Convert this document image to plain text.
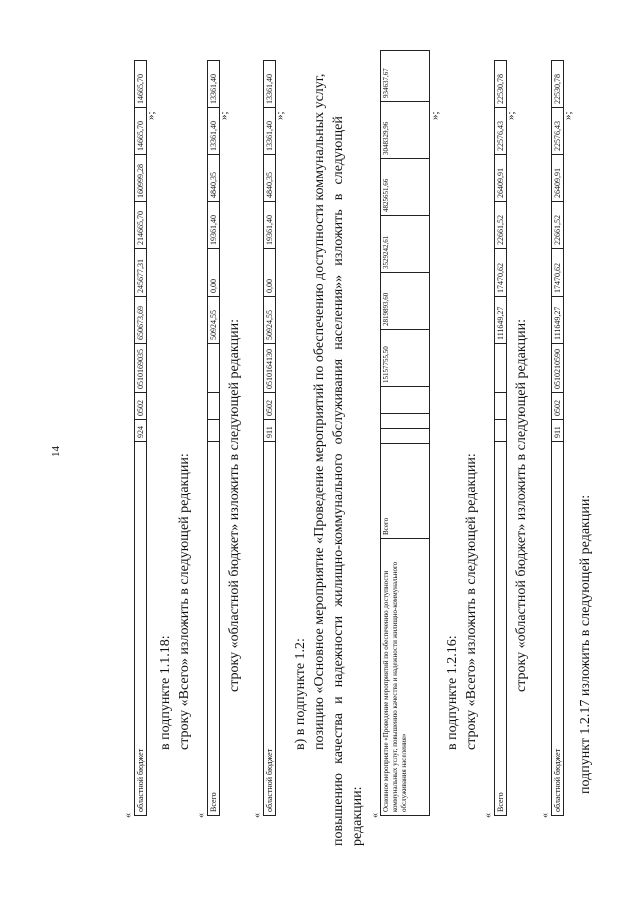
14
«
областной бюджет	924	0502	0510169035	650673,69	245677,31	214665,70	160999,28	14665,70	14665,70
»;
в подпункте 1.1.18: строку «Всего» изложить в следующей редакции:
«
Всего				50924,55	0,00	19361,40	4840,35	13361,40	13361,40
»;
строку «областной бюджет» изложить в следующей редакции:
«
областной бюджет	911	0502	0510164130	50924,55	0,00	19361,40	4840,35	13361,40	13361,40
»;
в) в подпункте 1.2: позицию «Основное мероприятие «Проведение мероприятий по обеспечению доступности коммунальных услуг,
повышению
качества
и
надежности
жилищно-коммунального
обслуживания
населения»»
изложить
в
следующей
редакции: «
Основное мероприятие «Проведение мероприятий по обеспечению доступности коммунальных услуг, повышению качества и надежности жилищно-коммунального обслуживания населения»	Всего				15157755,50	2819893,60	3529242,61	4825651,66	3048329,96	934637,67
»;
в подпункте 1.2.16: строку «Всего» изложить в следующей редакции:
«
Всего				111649,27	17470,62	22661,52	26409,91	22576,43	22530,78
»;
строку «областной бюджет» изложить в следующей редакции:
«
областной бюджет	911	0502	0510210590	111649,27	17470,62	22661,52	26409,91	22576,43	22530,78
»;
подпункт 1.2.17 изложить в следующей редакции:
